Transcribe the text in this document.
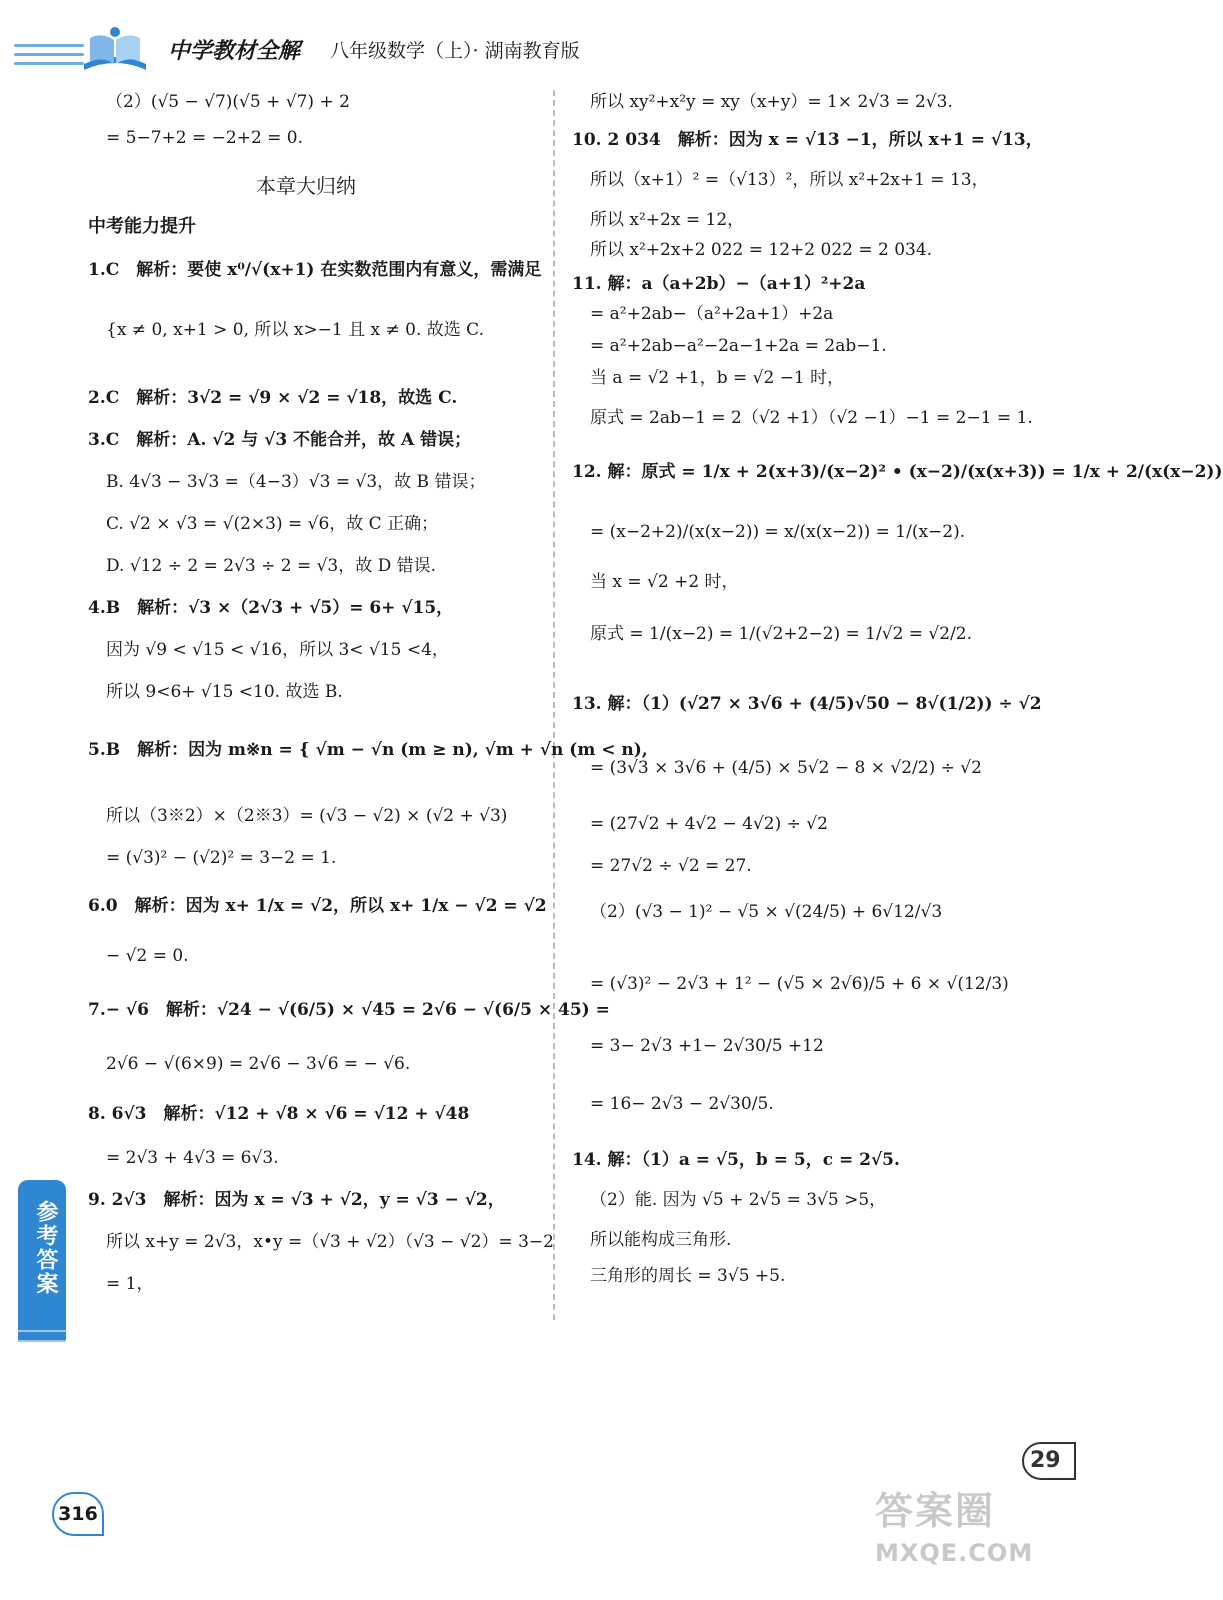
中学教材全解 八年级数学（上）· 湖南教育版
（2）(√5 − √7)(√5 + √7) + 2
= 5−7+2 = −2+2 = 0.
本章大归纳
中考能力提升
1.C　解析：要使 x⁰/√(x+1) 在实数范围内有意义，需满足
{x ≠ 0, x+1 > 0, 所以 x>−1 且 x ≠ 0. 故选 C.
2.C　解析：3√2 = √9 × √2 = √18，故选 C.
3.C　解析：A. √2 与 √3 不能合并，故 A 错误；
B. 4√3 − 3√3 =（4−3）√3 = √3，故 B 错误；
C. √2 × √3 = √(2×3) = √6，故 C 正确；
D. √12 ÷ 2 = 2√3 ÷ 2 = √3，故 D 错误.
4.B　解析：√3 ×（2√3 + √5）= 6+ √15，
因为 √9 < √15 < √16，所以 3< √15 <4，
所以 9<6+ √15 <10. 故选 B.
5.B　解析：因为 m※n = { √m − √n (m ≥ n), √m + √n (m < n),
所以（3※2）×（2※3）= (√3 − √2) × (√2 + √3)
= (√3)² − (√2)² = 3−2 = 1.
6.0　解析：因为 x+ 1/x = √2，所以 x+ 1/x − √2 = √2
− √2 = 0.
7.− √6　解析：√24 − √(6/5) × √45 = 2√6 − √(6/5 × 45) =
2√6 − √(6×9) = 2√6 − 3√6 = − √6.
8. 6√3　解析：√12 + √8 × √6 = √12 + √48
= 2√3 + 4√3 = 6√3.
9. 2√3　解析：因为 x = √3 + √2，y = √3 − √2，
所以 x+y = 2√3，x•y =（√3 + √2）（√3 − √2）= 3−2
= 1，
所以 xy²+x²y = xy（x+y）= 1× 2√3 = 2√3.
10. 2 034　解析：因为 x = √13 −1，所以 x+1 = √13，
所以（x+1）² =（√13）²，所以 x²+2x+1 = 13，
所以 x²+2x = 12，
所以 x²+2x+2 022 = 12+2 022 = 2 034.
11. 解：a（a+2b）−（a+1）²+2a
= a²+2ab−（a²+2a+1）+2a
= a²+2ab−a²−2a−1+2a = 2ab−1.
当 a = √2 +1，b = √2 −1 时，
原式 = 2ab−1 = 2（√2 +1）（√2 −1）−1 = 2−1 = 1.
12. 解：原式 = 1/x + 2(x+3)/(x−2)² • (x−2)/(x(x+3)) = 1/x + 2/(x(x−2))
= (x−2+2)/(x(x−2)) = x/(x(x−2)) = 1/(x−2).
当 x = √2 +2 时，
原式 = 1/(x−2) = 1/(√2+2−2) = 1/√2 = √2/2.
13. 解：（1）(√27 × 3√6 + (4/5)√50 − 8√(1/2)) ÷ √2
= (3√3 × 3√6 + (4/5) × 5√2 − 8 × √2/2) ÷ √2
= (27√2 + 4√2 − 4√2) ÷ √2
= 27√2 ÷ √2 = 27.
（2）(√3 − 1)² − √5 × √(24/5) + 6√12/√3
= (√3)² − 2√3 + 1² − (√5 × 2√6)/5 + 6 × √(12/3)
= 3− 2√3 +1− 2√30/5 +12
= 16− 2√3 − 2√30/5.
14. 解：（1）a = √5，b = 5，c = 2√5.
（2）能. 因为 √5 + 2√5 = 3√5 >5，
所以能构成三角形.
三角形的周长 = 3√5 +5.
参考答案
316
29
答案圈
MXQE.COM
